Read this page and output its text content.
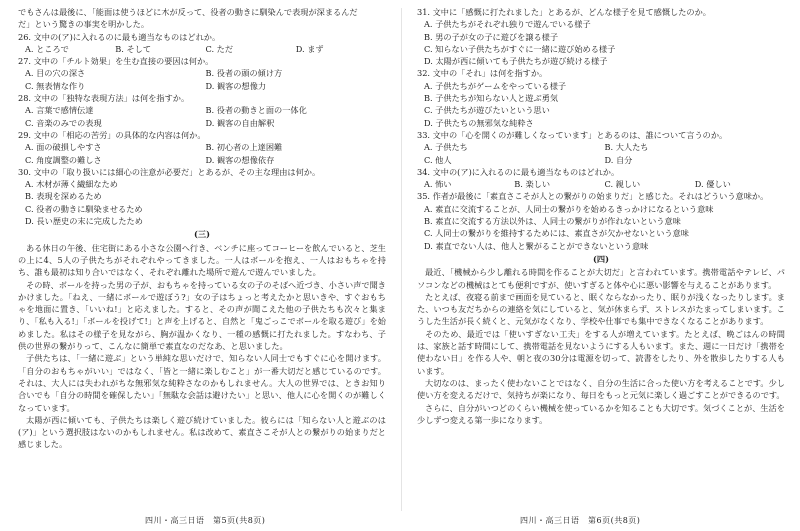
でもさんは最後に、「能面は使うほどに木が反って、役者の動きに馴染んで表現が深まるんだ
だ」という驚きの事実を明かした。
26. 文中の(ア)に入れるのに最も適当なものはどれか。
A. ところで	B. そして	C. ただ	D. まず
27. 文中の「チルト効果」を生む直接の要因は何か。
A. 目の穴の深さ	B. 役者の頭の傾け方
C. 無表情な作り	D. 観客の想像力
28. 文中の「独特な表現方法」は何を指すか。
A. 言葉で感情伝達	B. 役者の動きと面の一体化
C. 音楽のみでの表現	D. 観客の自由解釈
29. 文中の「相応の苦労」の具体的な内容は何か。
A. 面の破損しやすさ	B. 初心者の上達困難
C. 角度調整の難しさ	D. 観客の想像依存
30. 文中の「取り扱いには細心の注意が必要だ」とあるが、その主な理由は何か。
A. 木材が薄く繊細なため
B. 表現を深めるため
C. 役者の動きに馴染ませるため
D. 長い歴史の末に完成したため
(三)
ある休日の午後、住宅街にある小さな公園へ行き、ベンチに座ってコーヒーを飲んでいると、芝生の上に4、5人の子供たちがそれぞれやってきました。一人はボールを抱え、一人はおもちゃを持ち、誰も最初は知り合いではなく、それぞれ離れた場所で遊んで遊んでいました。
その時、ボールを持った男の子が、おもちゃを持っている女の子のそばへ近づき、小さい声で聞きかけました。「ねえ、一緒にボールで遊ぼう?」女の子はちょっと考えたかと思いきや、すぐおもちゃを地面に置き、「いいね!」と応えました。すると、その声が聞こえた他の子供たちも次々と集まり、「私も入る!」「ボールを投げて!」と声を上げると、自然と「鬼ごっこでボールを取る遊び」を始めました。私はその様子を見ながら、胸が温かくなり、一種の感慨に打たれました。すなわち、子供の世界の繋がりって、こんなに簡単で素直なのだなあ、と思いました。
子供たちは、「一緒に遊ぶ」という単純な思いだけで、知らない人同士でもすぐに心を開けます。「自分のおもちゃがいい」ではなく、「皆と一緒に楽しむこと」が一番大切だと感じているのです。それは、大人には失われがちな無邪気な純粋さなのかもしれません。大人の世界では、ときお知り合いでも「自分の時間を確保したい」「無駄な会話は避けたい」と思い、他人に心を開くのが難しくなっています。
太陽が西に傾いても、子供たちは楽しく遊び続けていました。彼らには「知らない人と遊ぶのは(ア)」という選択肢はないのかもしれません。私は改めて、素直さこそが人との繋がりの始まりだと感じました。
31. 文中に「感慨に打たれました」とあるが、どんな様子を見て感慨したのか。
A. 子供たちがそれぞれ独りで遊んでいる様子
B. 男の子が女の子に遊びを譲る様子
C. 知らない子供たちがすぐに一緒に遊び始める様子
D. 太陽が西に傾いても子供たちが遊び続ける様子
32. 文中の「それ」は何を指すか。
A. 子供たちがゲームをやっている様子
B. 子供たちが知らない人と遊ぶ勇気
C. 子供たちが遊びたいという思い
D. 子供たちの無邪気な純粋さ
33. 文中の「心を開くのが難しくなっています」とあるのは、誰について言うのか。
A. 子供たち	B. 大人たち
C. 他人	D. 自分
34. 文中の(ア)に入れるのに最も適当なものはどれか。
A. 怖い	B. 楽しい	C. 親しい	D. 優しい
35. 作者が最後に「素直さこそが人との繋がりの始まりだ」と感じた。それはどういう意味か。
A. 素直に交流することが、人同士の繋がりを始めるきっかけになるという意味
B. 素直に交流する方法以外は、人同士の繋がりが作れないという意味
C. 人同士の繋がりを維持するためには、素直さが欠かせないという意味
D. 素直でない人は、他人と繋がることができないという意味
(四)
最近、「機械から少し離れる時間を作ることが大切だ」と言われています。携帯電話やテレビ、パソコンなどの機械はとても便利ですが、使いすぎると体や心に悪い影響を与えることがあります。
たとえば、夜寝る前まで画面を見ていると、眠くならなかったり、眠りが浅くなったりします。また、いつも友だちからの連絡を気にしていると、気が休まらず、ストレスがたまってしまいます。こうした生活が長く続くと、元気がなくなり、学校や仕事でも集中できなくなることがあります。
そのため、最近では「使いすぎない工夫」をする人が増えています。たとえば、晩ごはんの時間は、家族と話す時間にして、携帯電話を見ないようにする人もいます。また、週に一日だけ「携帯を使わない日」を作る人や、朝と夜の30分は電源を切って、読書をしたり、外を散歩したりする人もいます。
大切なのは、まったく使わないことではなく、自分の生活に合った使い方を考えることです。少し使い方を変えるだけで、気持ちが楽になり、毎日をもっと元気に楽しく過ごすことができるのです。
さらに、自分がいつどのくらい機械を使っているかを知ることも大切です。気づくことが、生活を少しずつ変える第一歩になります。
四川・高三日语　第5页(共8页)	四川・高三日语　第6页(共8页)
